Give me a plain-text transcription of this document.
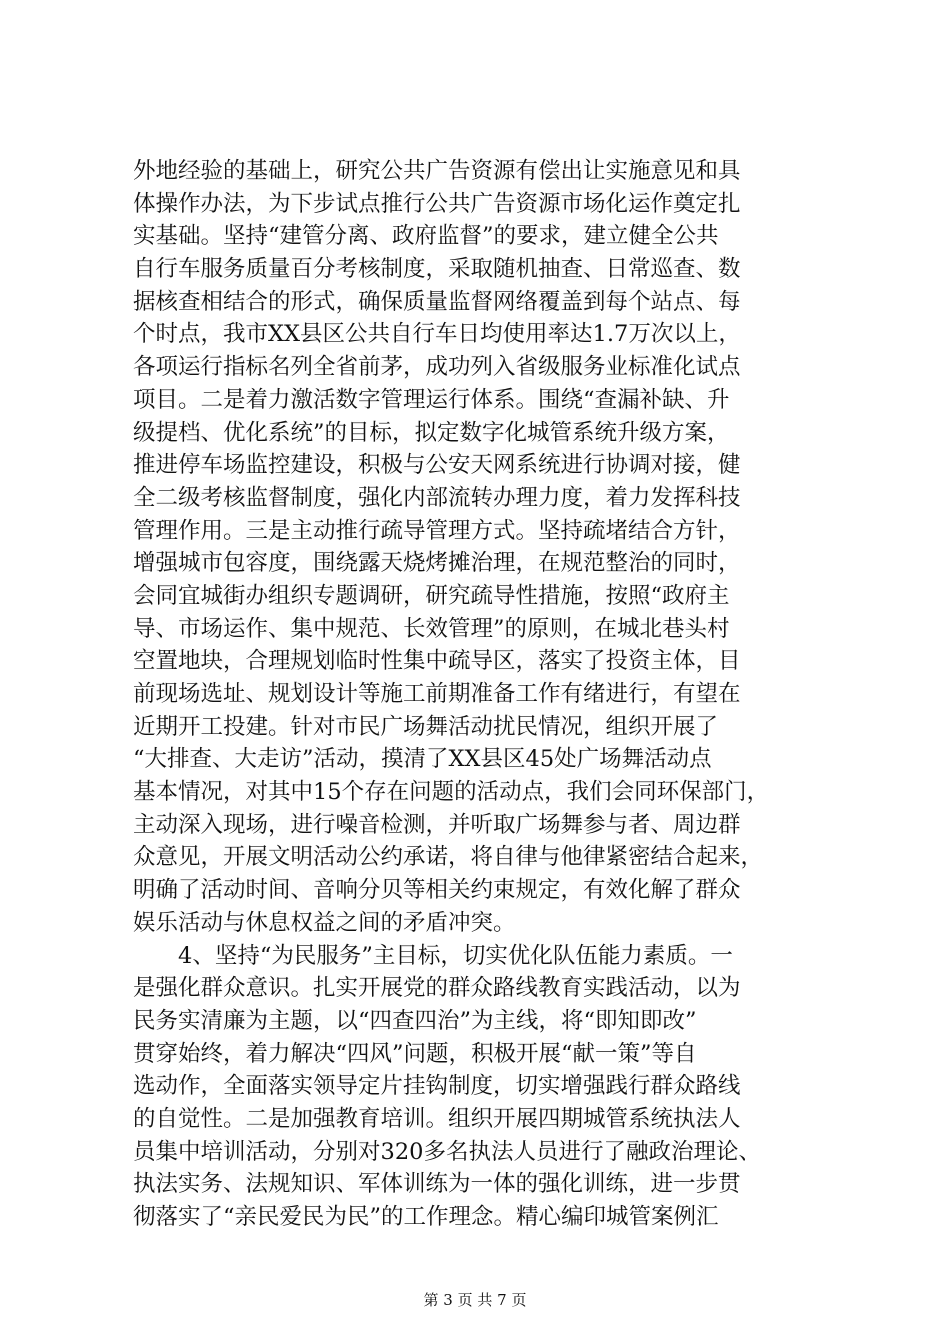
外地经验的基础上，研究公共广告资源有偿出让实施意见和具
体操作办法，为下步试点推行公共广告资源市场化运作奠定扎
实基础。坚持“建管分离、政府监督”的要求，建立健全公共
自行车服务质量百分考核制度，采取随机抽查、日常巡查、数
据核查相结合的形式，确保质量监督网络覆盖到每个站点、每
个时点，我市XX县区公共自行车日均使用率达1.7万次以上，
各项运行指标名列全省前茅，成功列入省级服务业标准化试点
项目。二是着力激活数字管理运行体系。围绕“查漏补缺、升
级提档、优化系统”的目标，拟定数字化城管系统升级方案，
推进停车场监控建设，积极与公安天网系统进行协调对接，健
全二级考核监督制度，强化内部流转办理力度，着力发挥科技
管理作用。三是主动推行疏导管理方式。坚持疏堵结合方针，
增强城市包容度，围绕露天烧烤摊治理，在规范整治的同时，
会同宜城街办组织专题调研，研究疏导性措施，按照“政府主
导、市场运作、集中规范、长效管理”的原则，在城北巷头村
空置地块，合理规划临时性集中疏导区，落实了投资主体，目
前现场选址、规划设计等施工前期准备工作有绪进行，有望在
近期开工投建。针对市民广场舞活动扰民情况，组织开展了
“大排查、大走访”活动，摸清了XX县区45处广场舞活动点
基本情况，对其中15个存在问题的活动点，我们会同环保部门，
主动深入现场，进行噪音检测，并听取广场舞参与者、周边群
众意见，开展文明活动公约承诺，将自律与他律紧密结合起来，
明确了活动时间、音响分贝等相关约束规定，有效化解了群众
娱乐活动与休息权益之间的矛盾冲突。
　　4、坚持“为民服务”主目标，切实优化队伍能力素质。一
是强化群众意识。扎实开展党的群众路线教育实践活动，以为
民务实清廉为主题，以“四查四治”为主线，将“即知即改”
贯穿始终，着力解决“四风”问题，积极开展“献一策”等自
选动作，全面落实领导定片挂钩制度，切实增强践行群众路线
的自觉性。二是加强教育培训。组织开展四期城管系统执法人
员集中培训活动，分别对320多名执法人员进行了融政治理论、
执法实务、法规知识、军体训练为一体的强化训练，进一步贯
彻落实了“亲民爱民为民”的工作理念。精心编印城管案例汇
第 3 页 共 7 页
